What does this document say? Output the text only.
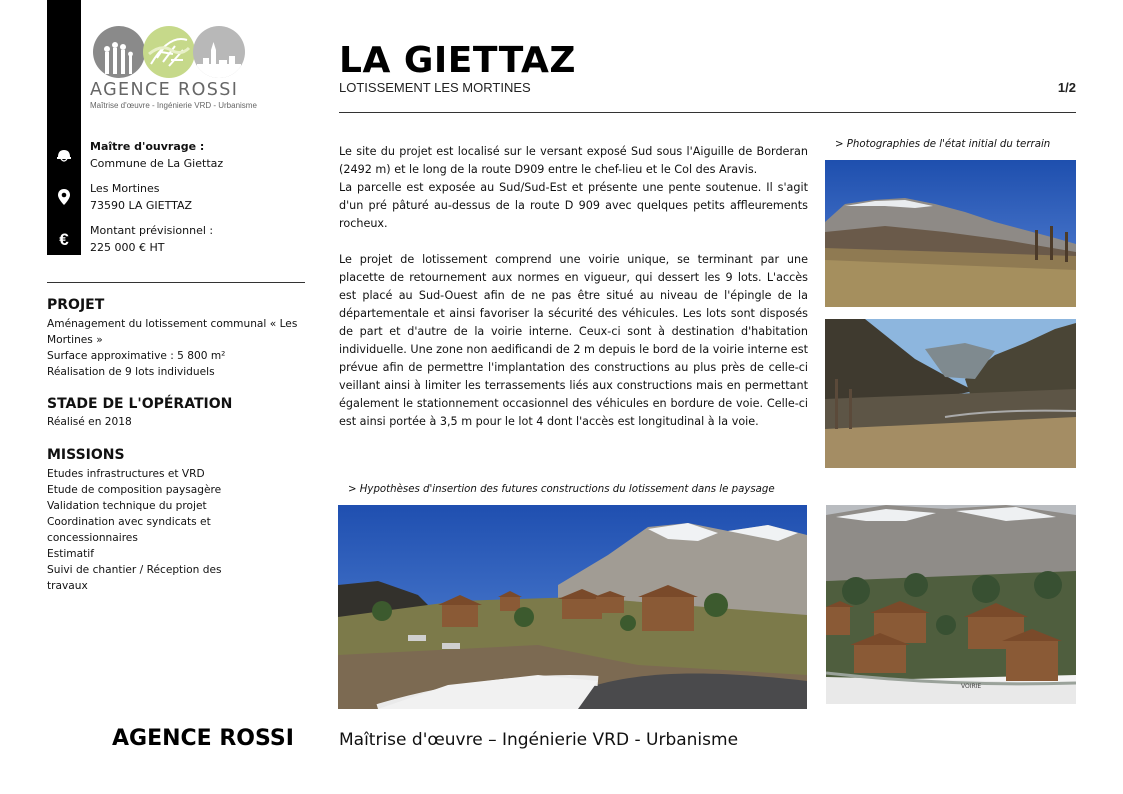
€
AGENCE ROSSI
Maîtrise d'œuvre - Ingénierie VRD - Urbanisme
Maître d'ouvrage :
Commune de La Giettaz
Les Mortines
73590 LA GIETTAZ
Montant prévisionnel :
225 000 € HT
PROJET
Aménagement du lotissement communal « Les Mortines »
Surface approximative : 5 800 m²
Réalisation de 9 lots individuels
STADE DE L'OPÉRATION
Réalisé en 2018
MISSIONS
Etudes infrastructures et VRD
Etude de composition paysagère
Validation technique du projet
Coordination avec syndicats et concessionnaires
Estimatif
Suivi de chantier / Réception des travaux
LA GIETTAZ
LOTISSEMENT LES MORTINES	1/2

Le site du projet est localisé sur le versant exposé Sud sous l'Aiguille de Borderan (2492 m) et le long de la route D909 entre le chef-lieu et le Col des Aravis.
La parcelle est exposée au Sud/Sud-Est et présente une pente soutenue. Il s'agit d'un pré pâturé au-dessus de la route D 909 avec quelques petits affleurements rocheux.

Le projet de lotissement comprend une voirie unique, se terminant par une placette de retournement aux normes en vigueur, qui dessert les 9 lots. L'accès est placé au Sud-Ouest afin de ne pas être situé au niveau de l'épingle de la départementale et ainsi favoriser la sécurité des véhicules. Les lots sont disposés de part et d'autre de la voirie interne. Ceux-ci sont à destination d'habitation individuelle. Une zone non aedificandi de 2 m depuis le bord de la voirie interne est prévue afin de permettre l'implantation des constructions au plus près de celle-ci veillant ainsi à limiter les terrassements liés aux constructions mais en permettant également le stationnement occasionnel des véhicules en bordure de voie. Celle-ci est ainsi portée à 3,5 m pour le lot 4 dont l'accès est longitudinal à la voie.

> Photographies de l'état initial du terrain
> Hypothèses d'insertion des futures constructions du lotissement dans le paysage
VOIRIE
AGENCE ROSSI	Maîtrise d'œuvre – Ingénierie VRD - Urbanisme
